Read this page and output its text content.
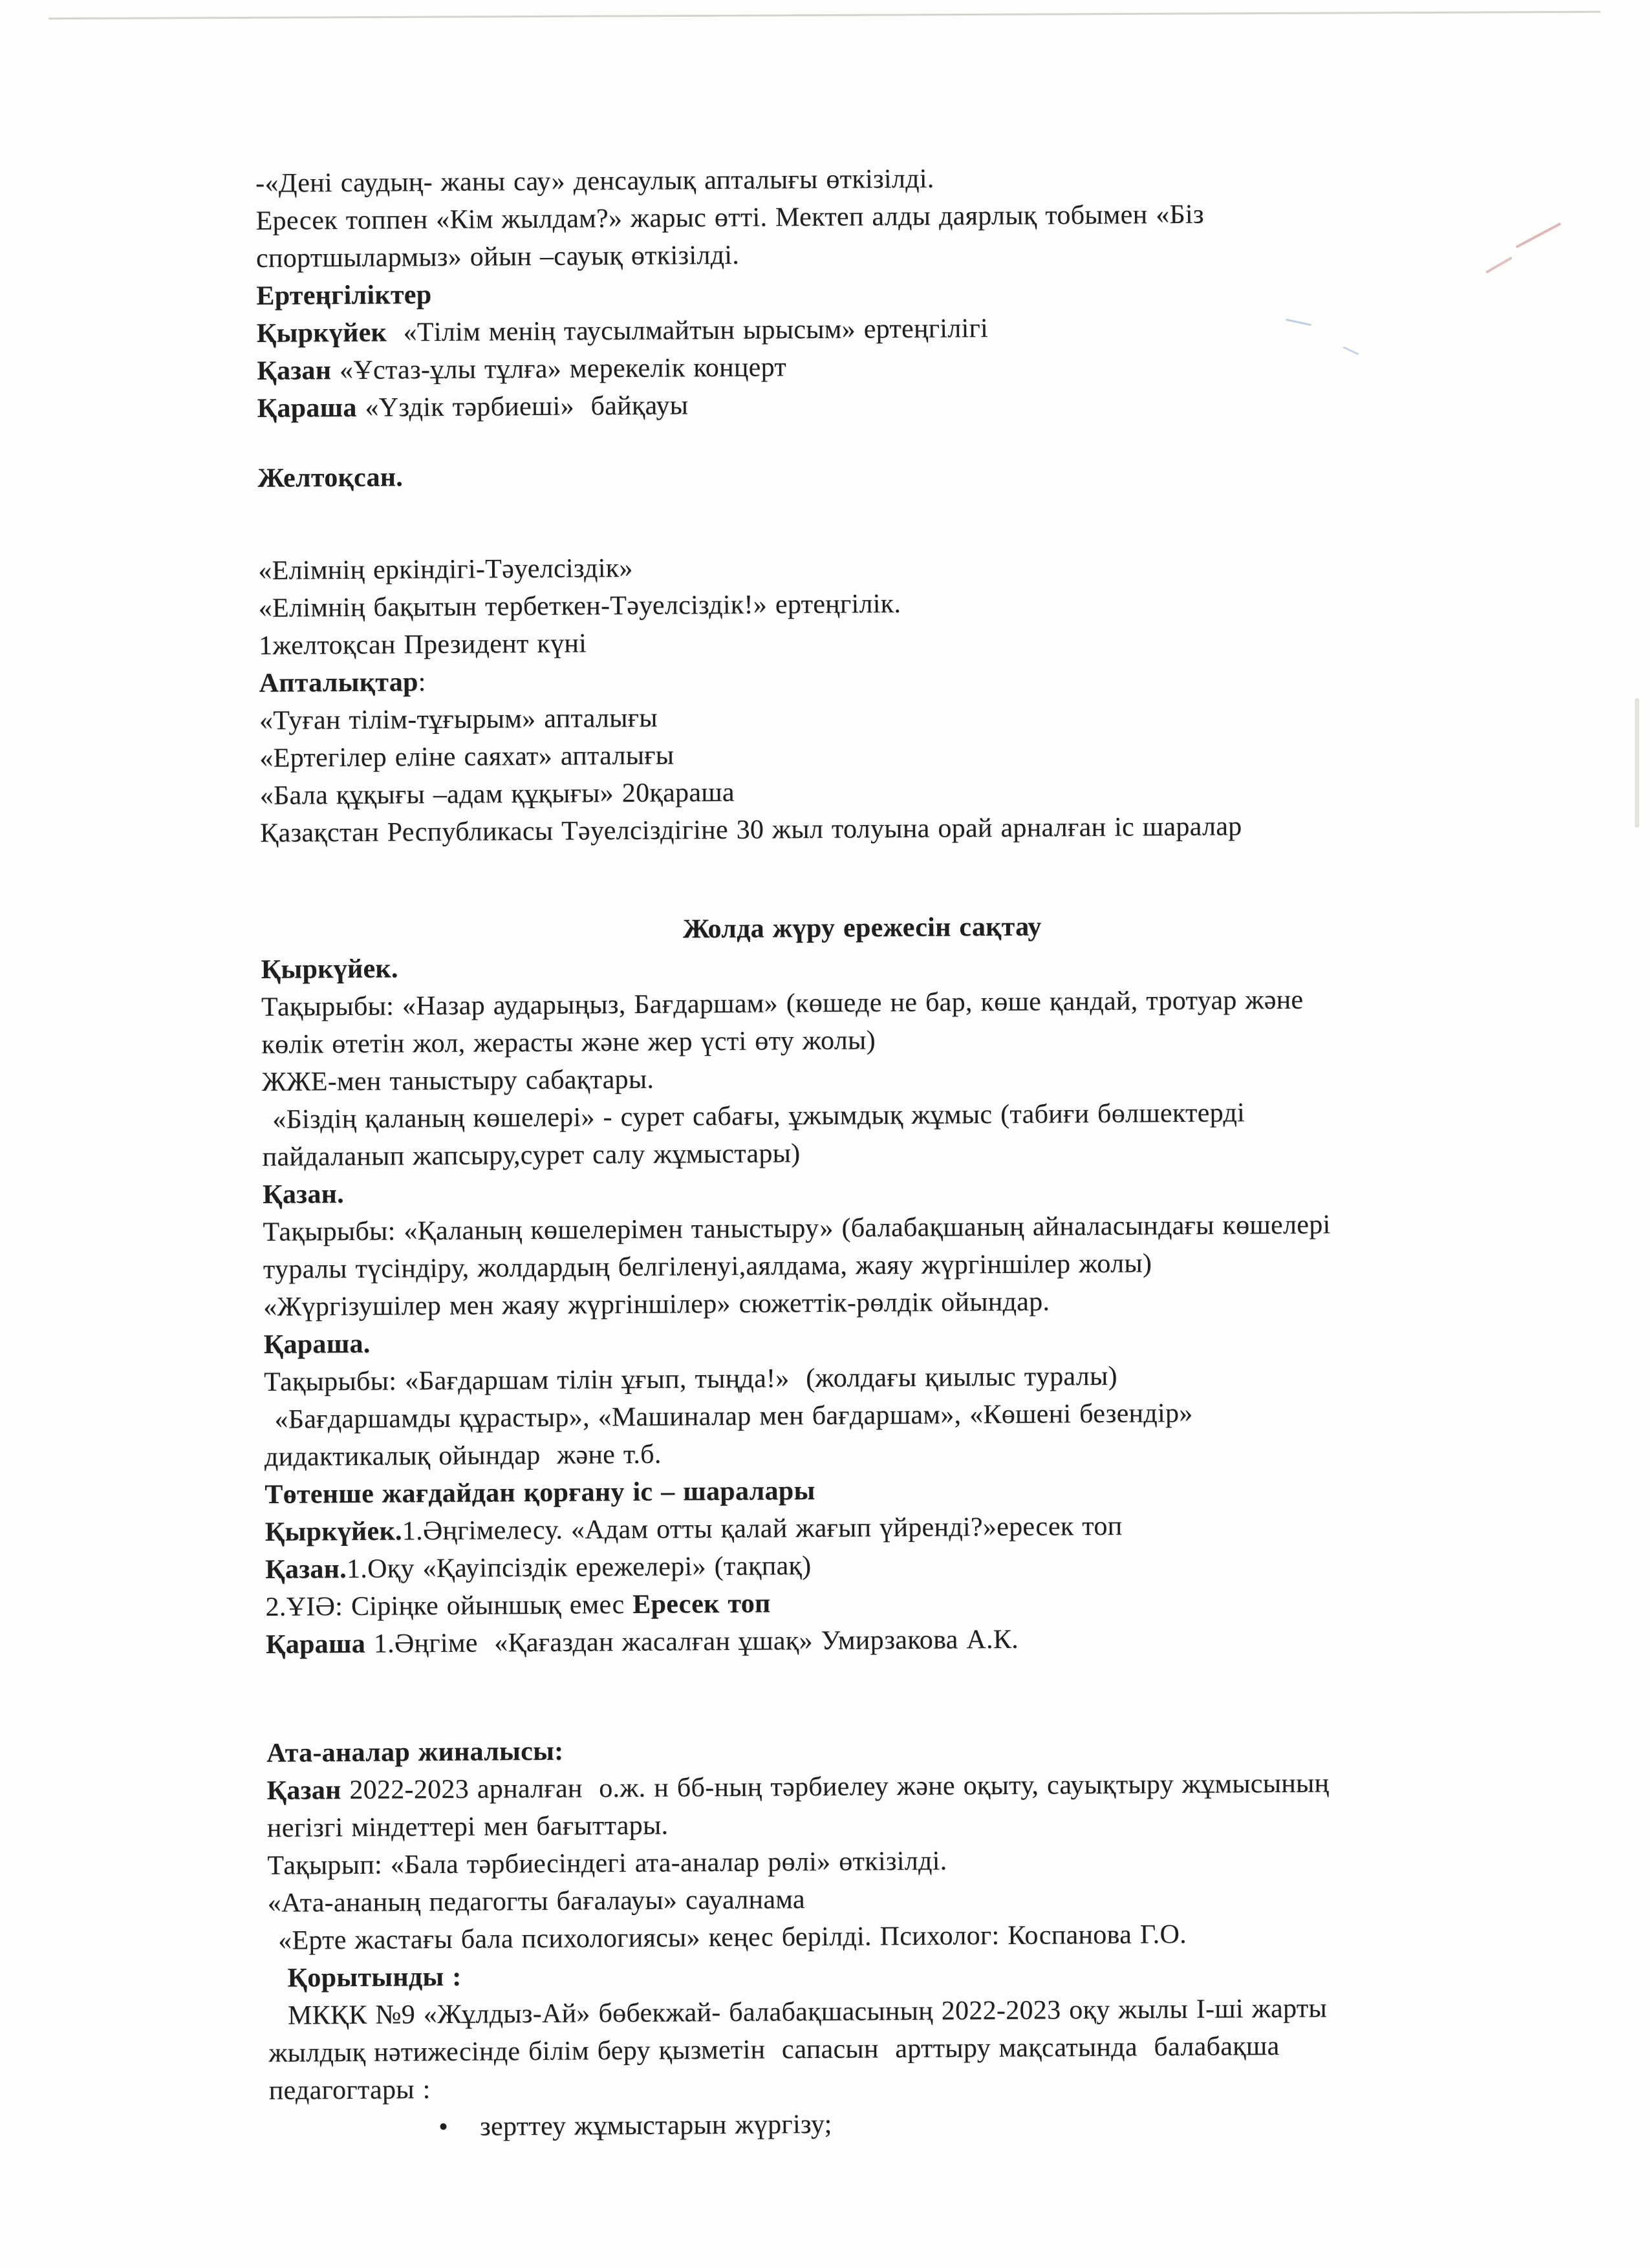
-«Дені саудың- жаны сау» денсаулық апталығы өткізілді.

Ересек топпен «Кім жылдам?» жарыс өтті. Мектеп алды даярлық тобымен «Біз

спортшылармыз» ойын –сауық өткізілді.

Ертеңгіліктер

Қыркүйек  «Тілім менің таусылмайтын ырысым» ертеңгілігі

Қазан «Ұстаз-ұлы тұлға» мерекелік концерт

Қараша «Үздік тәрбиеші»  байқауы

Желтоқсан.

«Елімнің еркіндігі-Тәуелсіздік»

«Елімнің бақытын тербеткен-Тәуелсіздік!» ертеңгілік.

1желтоқсан Президент күні

Апталықтар:

«Туған тілім-тұғырым» апталығы

«Ертегілер еліне саяхат» апталығы

«Бала құқығы –адам құқығы» 20қараша

Қазақстан Республикасы Тәуелсіздігіне 30 жыл толуына орай арналған іс шаралар

Жолда жүру ережесін сақтау

Қыркүйек.

Тақырыбы: «Назар аударыңыз, Бағдаршам» (көшеде не бар, көше қандай, тротуар және

көлік өтетін жол, жерасты және жер үсті өту жолы)

ЖЖЕ-мен таныстыру сабақтары.

«Біздің қаланың көшелері» - сурет сабағы, ұжымдық жұмыс (табиғи бөлшектерді

пайдаланып жапсыру,сурет салу жұмыстары)

Қазан.

Тақырыбы: «Қаланың көшелерімен таныстыру» (балабақшаның айналасындағы көшелері

туралы түсіндіру, жолдардың белгіленуі,аялдама, жаяу жүргіншілер жолы)

«Жүргізушілер мен жаяу жүргіншілер» сюжеттік-рөлдік ойындар.

Қараша.

Тақырыбы: «Бағдаршам тілін ұғып, тыңда!»  (жолдағы қиылыс туралы)

«Бағдаршамды құрастыр», «Машиналар мен бағдаршам», «Көшені безендір»

дидактикалық ойындар  және т.б.

Төтенше жағдайдан қорғану іс – шаралары

Қыркүйек.1.Әңгімелесу. «Адам отты қалай жағып үйренді?»ересек топ

Қазан.1.Оқу «Қауіпсіздік ережелері» (тақпақ)

2.ҰІӘ: Сіріңке ойыншық емес Ересек топ

Қараша 1.Әңгіме  «Қағаздан жасалған ұшақ» Умирзакова А.К.

Ата-аналар жиналысы:

Қазан 2022-2023 арналған  о.ж. н бб-ның тәрбиелеу және оқыту, сауықтыру жұмысының

негізгі міндеттері мен бағыттары.

Тақырып: «Бала тәрбиесіндегі ата-аналар рөлі» өткізілді.

«Ата-ананың педагогты бағалауы» сауалнама

«Ерте жастағы бала психологиясы» кеңес берілді. Психолог: Коспанова Г.О.

Қорытынды :

МКҚК №9 «Жұлдыз-Ай» бөбекжай- балабақшасының 2022-2023 оқу жылы І-ші жарты

жылдық нәтижесінде білім беру қызметін  сапасын  арттыру мақсатында  балабақша

педагогтары :

• зерттеу жұмыстарын жүргізу;
